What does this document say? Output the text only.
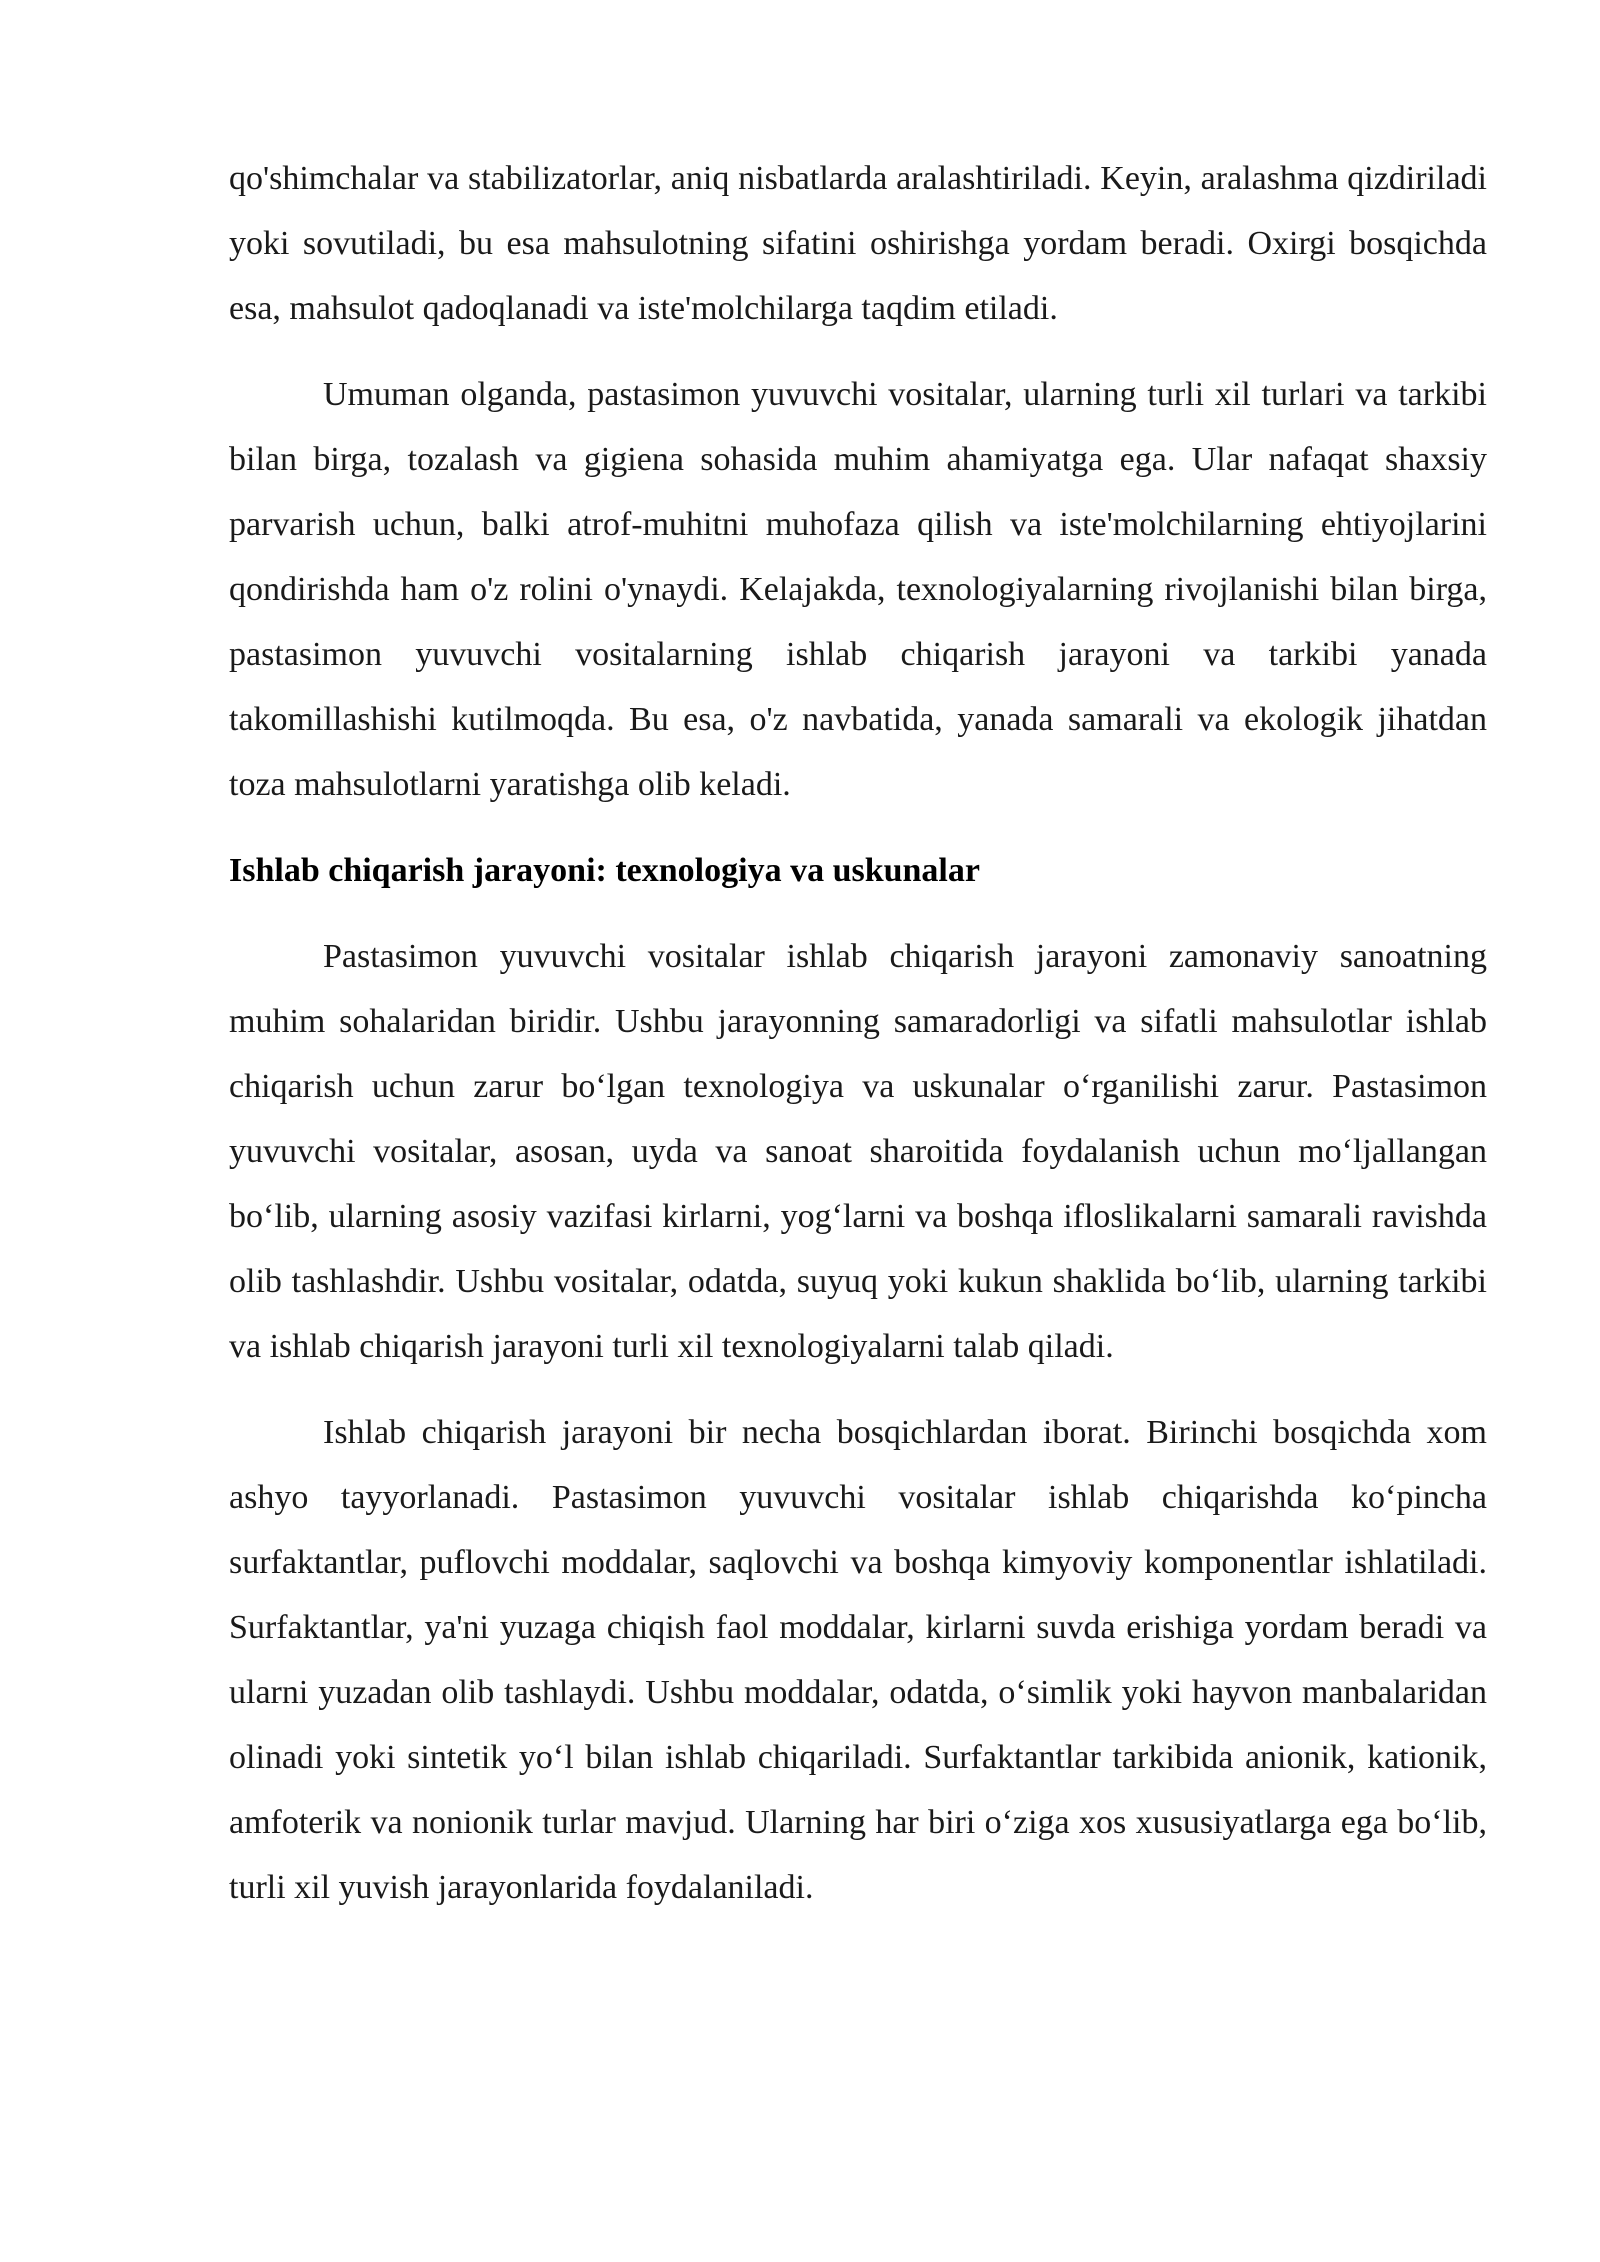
qo'shimchalar va stabilizatorlar, aniq nisbatlarda aralashtiriladi. Keyin, aralashma qizdiriladi yoki sovutiladi, bu esa mahsulotning sifatini oshirishga yordam beradi. Oxirgi bosqichda esa, mahsulot qadoqlanadi va iste'molchilarga taqdim etiladi.

Umuman olganda, pastasimon yuvuvchi vositalar, ularning turli xil turlari va tarkibi bilan birga, tozalash va gigiena sohasida muhim ahamiyatga ega. Ular nafaqat shaxsiy parvarish uchun, balki atrof-muhitni muhofaza qilish va iste'molchilarning ehtiyojlarini qondirishda ham o'z rolini o'ynaydi. Kelajakda, texnologiyalarning rivojlanishi bilan birga, pastasimon yuvuvchi vositalarning ishlab chiqarish jarayoni va tarkibi yanada takomillashishi kutilmoqda. Bu esa, o'z navbatida, yanada samarali va ekologik jihatdan toza mahsulotlarni yaratishga olib keladi.

Ishlab chiqarish jarayoni: texnologiya va uskunalar

Pastasimon yuvuvchi vositalar ishlab chiqarish jarayoni zamonaviy sanoatning muhim sohalaridan biridir. Ushbu jarayonning samaradorligi va sifatli mahsulotlar ishlab chiqarish uchun zarur bo‘lgan texnologiya va uskunalar o‘rganilishi zarur. Pastasimon yuvuvchi vositalar, asosan, uyda va sanoat sharoitida foydalanish uchun mo‘ljallangan bo‘lib, ularning asosiy vazifasi kirlarni, yog‘larni va boshqa ifloslikalarni samarali ravishda olib tashlashdir. Ushbu vositalar, odatda, suyuq yoki kukun shaklida bo‘lib, ularning tarkibi va ishlab chiqarish jarayoni turli xil texnologiyalarni talab qiladi.

Ishlab chiqarish jarayoni bir necha bosqichlardan iborat. Birinchi bosqichda xom ashyo tayyorlanadi. Pastasimon yuvuvchi vositalar ishlab chiqarishda ko‘pincha surfaktantlar, puflovchi moddalar, saqlovchi va boshqa kimyoviy komponentlar ishlatiladi. Surfaktantlar, ya'ni yuzaga chiqish faol moddalar, kirlarni suvda erishiga yordam beradi va ularni yuzadan olib tashlaydi. Ushbu moddalar, odatda, o‘simlik yoki hayvon manbalaridan olinadi yoki sintetik yo‘l bilan ishlab chiqariladi. Surfaktantlar tarkibida anionik, kationik, amfoterik va nonionik turlar mavjud. Ularning har biri o‘ziga xos xususiyatlarga ega bo‘lib, turli xil yuvish jarayonlarida foydalaniladi.
